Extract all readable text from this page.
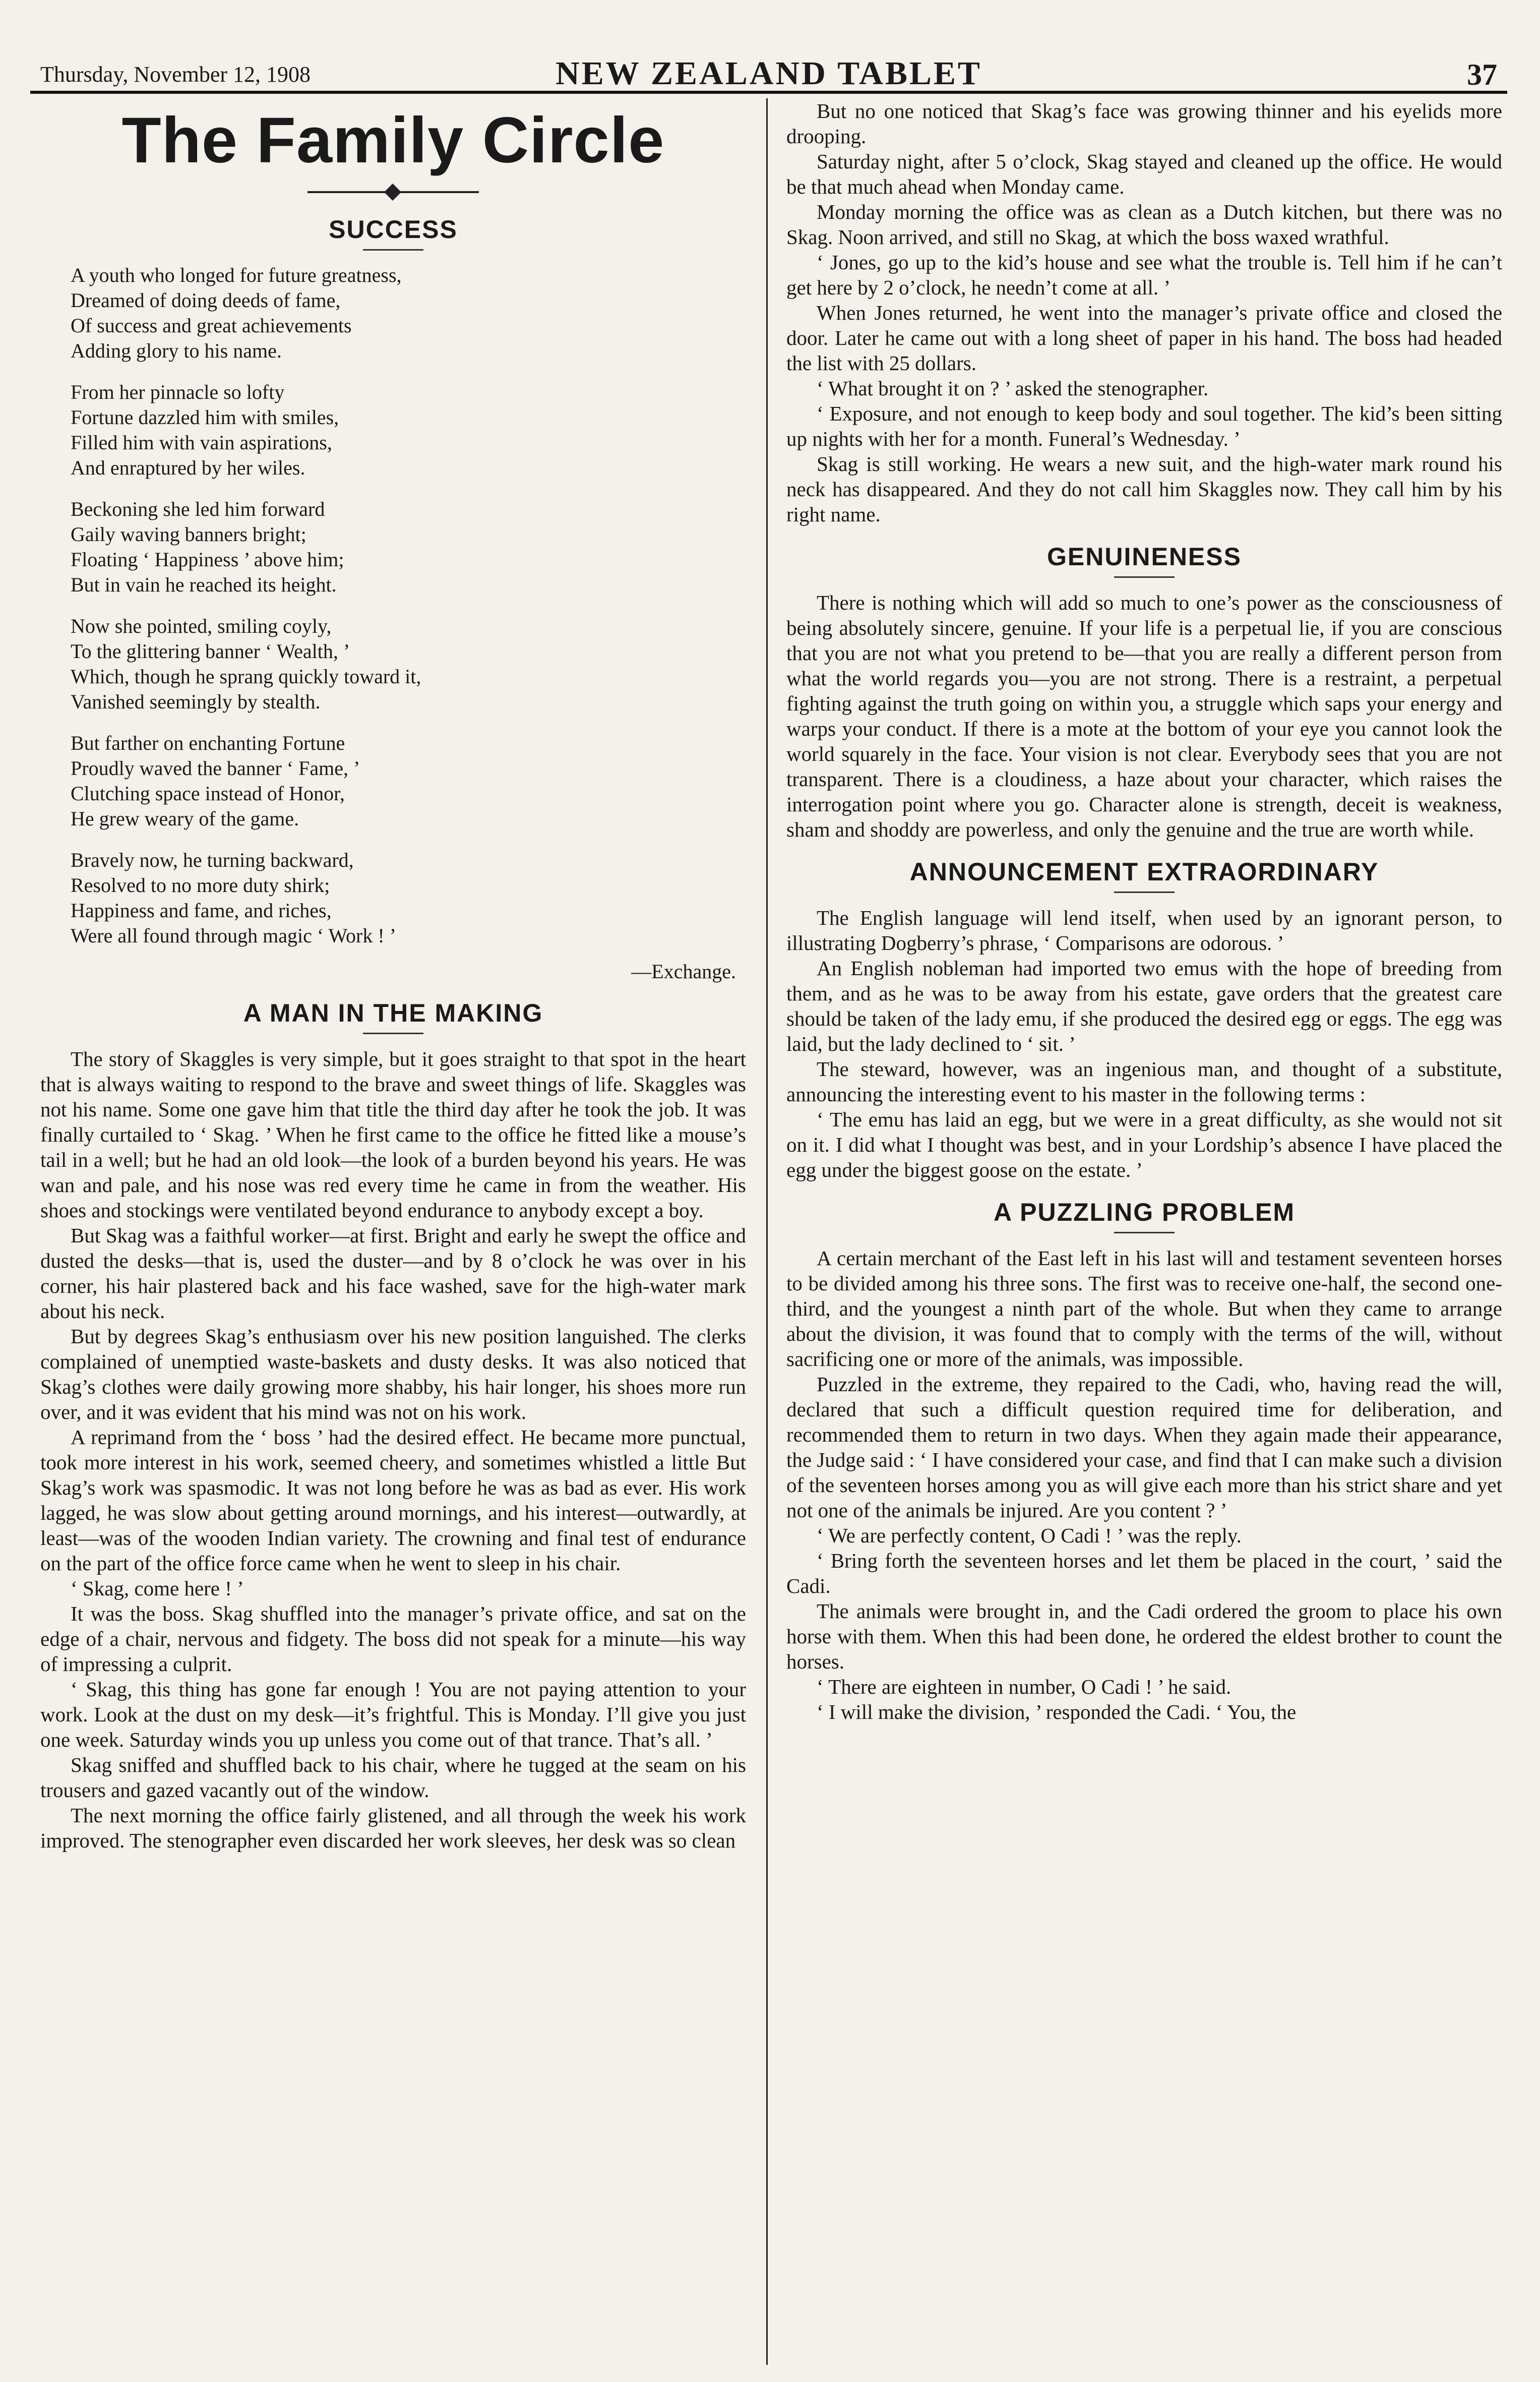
Thursday, November 12, 1908	NEW ZEALAND TABLET	37
The Family Circle
SUCCESS
A youth who longed for future greatness,
Dreamed of doing deeds of fame,
Of success and great achievements
Adding glory to his name.
From her pinnacle so lofty
Fortune dazzled him with smiles,
Filled him with vain aspirations,
And enraptured by her wiles.
Beckoning she led him forward
Gaily waving banners bright;
Floating ‘ Happiness ’ above him;
But in vain he reached its height.
Now she pointed, smiling coyly,
To the glittering banner ‘ Wealth, ’
Which, though he sprang quickly toward it,
Vanished seemingly by stealth.
But farther on enchanting Fortune
Proudly waved the banner ‘ Fame, ’
Clutching space instead of Honor,
He grew weary of the game.
Bravely now, he turning backward,
Resolved to no more duty shirk;
Happiness and fame, and riches,
Were all found through magic ‘ Work ! ’
—Exchange.
A MAN IN THE MAKING

The story of Skaggles is very simple, but it goes straight to that spot in the heart that is always waiting to respond to the brave and sweet things of life. Skaggles was not his name. Some one gave him that title the third day after he took the job. It was finally curtailed to ‘ Skag. ’ When he first came to the office he fitted like a mouse’s tail in a well; but he had an old look—the look of a burden beyond his years. He was wan and pale, and his nose was red every time he came in from the weather. His shoes and stockings were ventilated beyond endurance to anybody except a boy.

But Skag was a faithful worker—at first. Bright and early he swept the office and dusted the desks—that is, used the duster—and by 8 o’clock he was over in his corner, his hair plastered back and his face washed, save for the high-water mark about his neck.

But by degrees Skag’s enthusiasm over his new position languished. The clerks complained of unemptied waste-baskets and dusty desks. It was also noticed that Skag’s clothes were daily growing more shabby, his hair longer, his shoes more run over, and it was evident that his mind was not on his work.

A reprimand from the ‘ boss ’ had the desired effect. He became more punctual, took more interest in his work, seemed cheery, and sometimes whistled a little But Skag’s work was spasmodic. It was not long before he was as bad as ever. His work lagged, he was slow about getting around mornings, and his interest—outwardly, at least—was of the wooden Indian variety. The crowning and final test of endurance on the part of the office force came when he went to sleep in his chair.

‘ Skag, come here ! ’

It was the boss. Skag shuffled into the manager’s private office, and sat on the edge of a chair, nervous and fidgety. The boss did not speak for a minute—his way of impressing a culprit.

‘ Skag, this thing has gone far enough ! You are not paying attention to your work. Look at the dust on my desk—it’s frightful. This is Monday. I’ll give you just one week. Saturday winds you up unless you come out of that trance. That’s all. ’

Skag sniffed and shuffled back to his chair, where he tugged at the seam on his trousers and gazed vacantly out of the window.

The next morning the office fairly glistened, and all through the week his work improved. The stenographer even discarded her work sleeves, her desk was so clean

But no one noticed that Skag’s face was growing thinner and his eyelids more drooping.

Saturday night, after 5 o’clock, Skag stayed and cleaned up the office. He would be that much ahead when Monday came.

Monday morning the office was as clean as a Dutch kitchen, but there was no Skag. Noon arrived, and still no Skag, at which the boss waxed wrathful.

‘ Jones, go up to the kid’s house and see what the trouble is. Tell him if he can’t get here by 2 o’clock, he needn’t come at all. ’

When Jones returned, he went into the manager’s private office and closed the door. Later he came out with a long sheet of paper in his hand. The boss had headed the list with 25 dollars.

‘ What brought it on ? ’ asked the stenographer.

‘ Exposure, and not enough to keep body and soul together. The kid’s been sitting up nights with her for a month. Funeral’s Wednesday. ’

Skag is still working. He wears a new suit, and the high-water mark round his neck has disappeared. And they do not call him Skaggles now. They call him by his right name.

GENUINENESS

There is nothing which will add so much to one’s power as the consciousness of being absolutely sincere, genuine. If your life is a perpetual lie, if you are conscious that you are not what you pretend to be—that you are really a different person from what the world regards you—you are not strong. There is a restraint, a perpetual fighting against the truth going on within you, a struggle which saps your energy and warps your conduct. If there is a mote at the bottom of your eye you cannot look the world squarely in the face. Your vision is not clear. Everybody sees that you are not transparent. There is a cloudiness, a haze about your character, which raises the interrogation point where you go. Character alone is strength, deceit is weakness, sham and shoddy are powerless, and only the genuine and the true are worth while.

ANNOUNCEMENT EXTRAORDINARY

The English language will lend itself, when used by an ignorant person, to illustrating Dogberry’s phrase, ‘ Comparisons are odorous. ’

An English nobleman had imported two emus with the hope of breeding from them, and as he was to be away from his estate, gave orders that the greatest care should be taken of the lady emu, if she produced the desired egg or eggs. The egg was laid, but the lady declined to ‘ sit. ’

The steward, however, was an ingenious man, and thought of a substitute, announcing the interesting event to his master in the following terms :

‘ The emu has laid an egg, but we were in a great difficulty, as she would not sit on it. I did what I thought was best, and in your Lordship’s absence I have placed the egg under the biggest goose on the estate. ’

A PUZZLING PROBLEM

A certain merchant of the East left in his last will and testament seventeen horses to be divided among his three sons. The first was to receive one-half, the second one-third, and the youngest a ninth part of the whole. But when they came to arrange about the division, it was found that to comply with the terms of the will, without sacrificing one or more of the animals, was impossible.

Puzzled in the extreme, they repaired to the Cadi, who, having read the will, declared that such a difficult question required time for deliberation, and recommended them to return in two days. When they again made their appearance, the Judge said : ‘ I have considered your case, and find that I can make such a division of the seventeen horses among you as will give each more than his strict share and yet not one of the animals be injured. Are you content ? ’

‘ We are perfectly content, O Cadi ! ’ was the reply.

‘ Bring forth the seventeen horses and let them be placed in the court, ’ said the Cadi.

The animals were brought in, and the Cadi ordered the groom to place his own horse with them. When this had been done, he ordered the eldest brother to count the horses.

‘ There are eighteen in number, O Cadi ! ’ he said.

‘ I will make the division, ’ responded the Cadi. ‘ You, the
